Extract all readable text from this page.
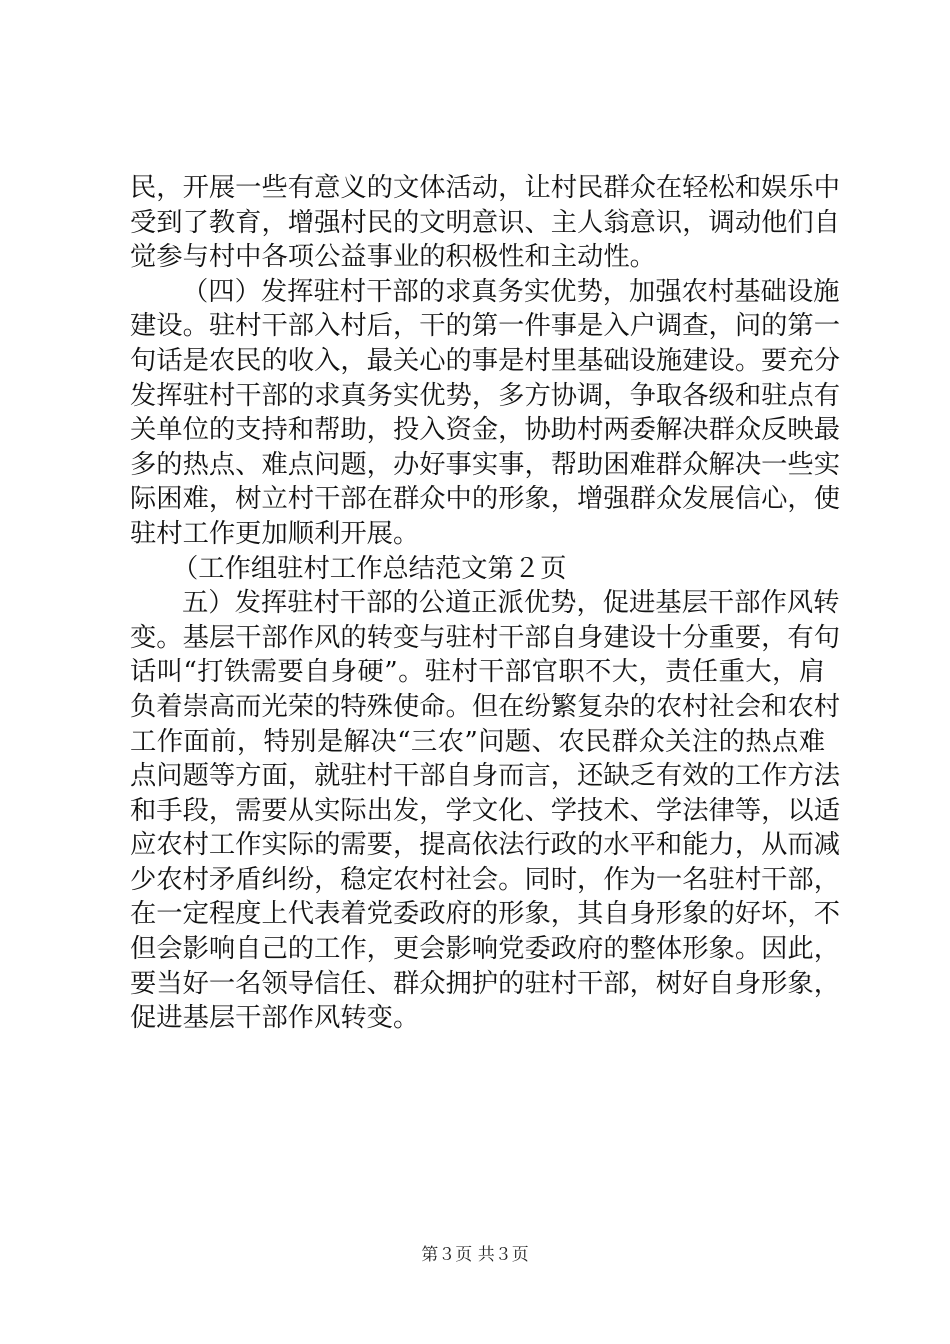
民，开展一些有意义的文体活动，让村民群众在轻松和娱乐中
受到了教育，增强村民的文明意识、主人翁意识，调动他们自
觉参与村中各项公益事业的积极性和主动性。
（四）发挥驻村干部的求真务实优势，加强农村基础设施
建设。驻村干部入村后，干的第一件事是入户调查，问的第一
句话是农民的收入，最关心的事是村里基础设施建设。要充分
发挥驻村干部的求真务实优势，多方协调，争取各级和驻点有
关单位的支持和帮助，投入资金，协助村两委解决群众反映最
多的热点、难点问题，办好事实事，帮助困难群众解决一些实
际困难，树立村干部在群众中的形象，增强群众发展信心，使
驻村工作更加顺利开展。
（工作组驻村工作总结范文第２页
五）发挥驻村干部的公道正派优势，促进基层干部作风转
变。基层干部作风的转变与驻村干部自身建设十分重要，有句
话叫“打铁需要自身硬”。驻村干部官职不大，责任重大，肩
负着崇高而光荣的特殊使命。但在纷繁复杂的农村社会和农村
工作面前，特别是解决“三农”问题、农民群众关注的热点难
点问题等方面，就驻村干部自身而言，还缺乏有效的工作方法
和手段，需要从实际出发，学文化、学技术、学法律等，以适
应农村工作实际的需要，提高依法行政的水平和能力，从而减
少农村矛盾纠纷，稳定农村社会。同时，作为一名驻村干部，
在一定程度上代表着党委政府的形象，其自身形象的好坏，不
但会影响自己的工作，更会影响党委政府的整体形象。因此，
要当好一名领导信任、群众拥护的驻村干部，树好自身形象，
促进基层干部作风转变。
第３页 共３页
